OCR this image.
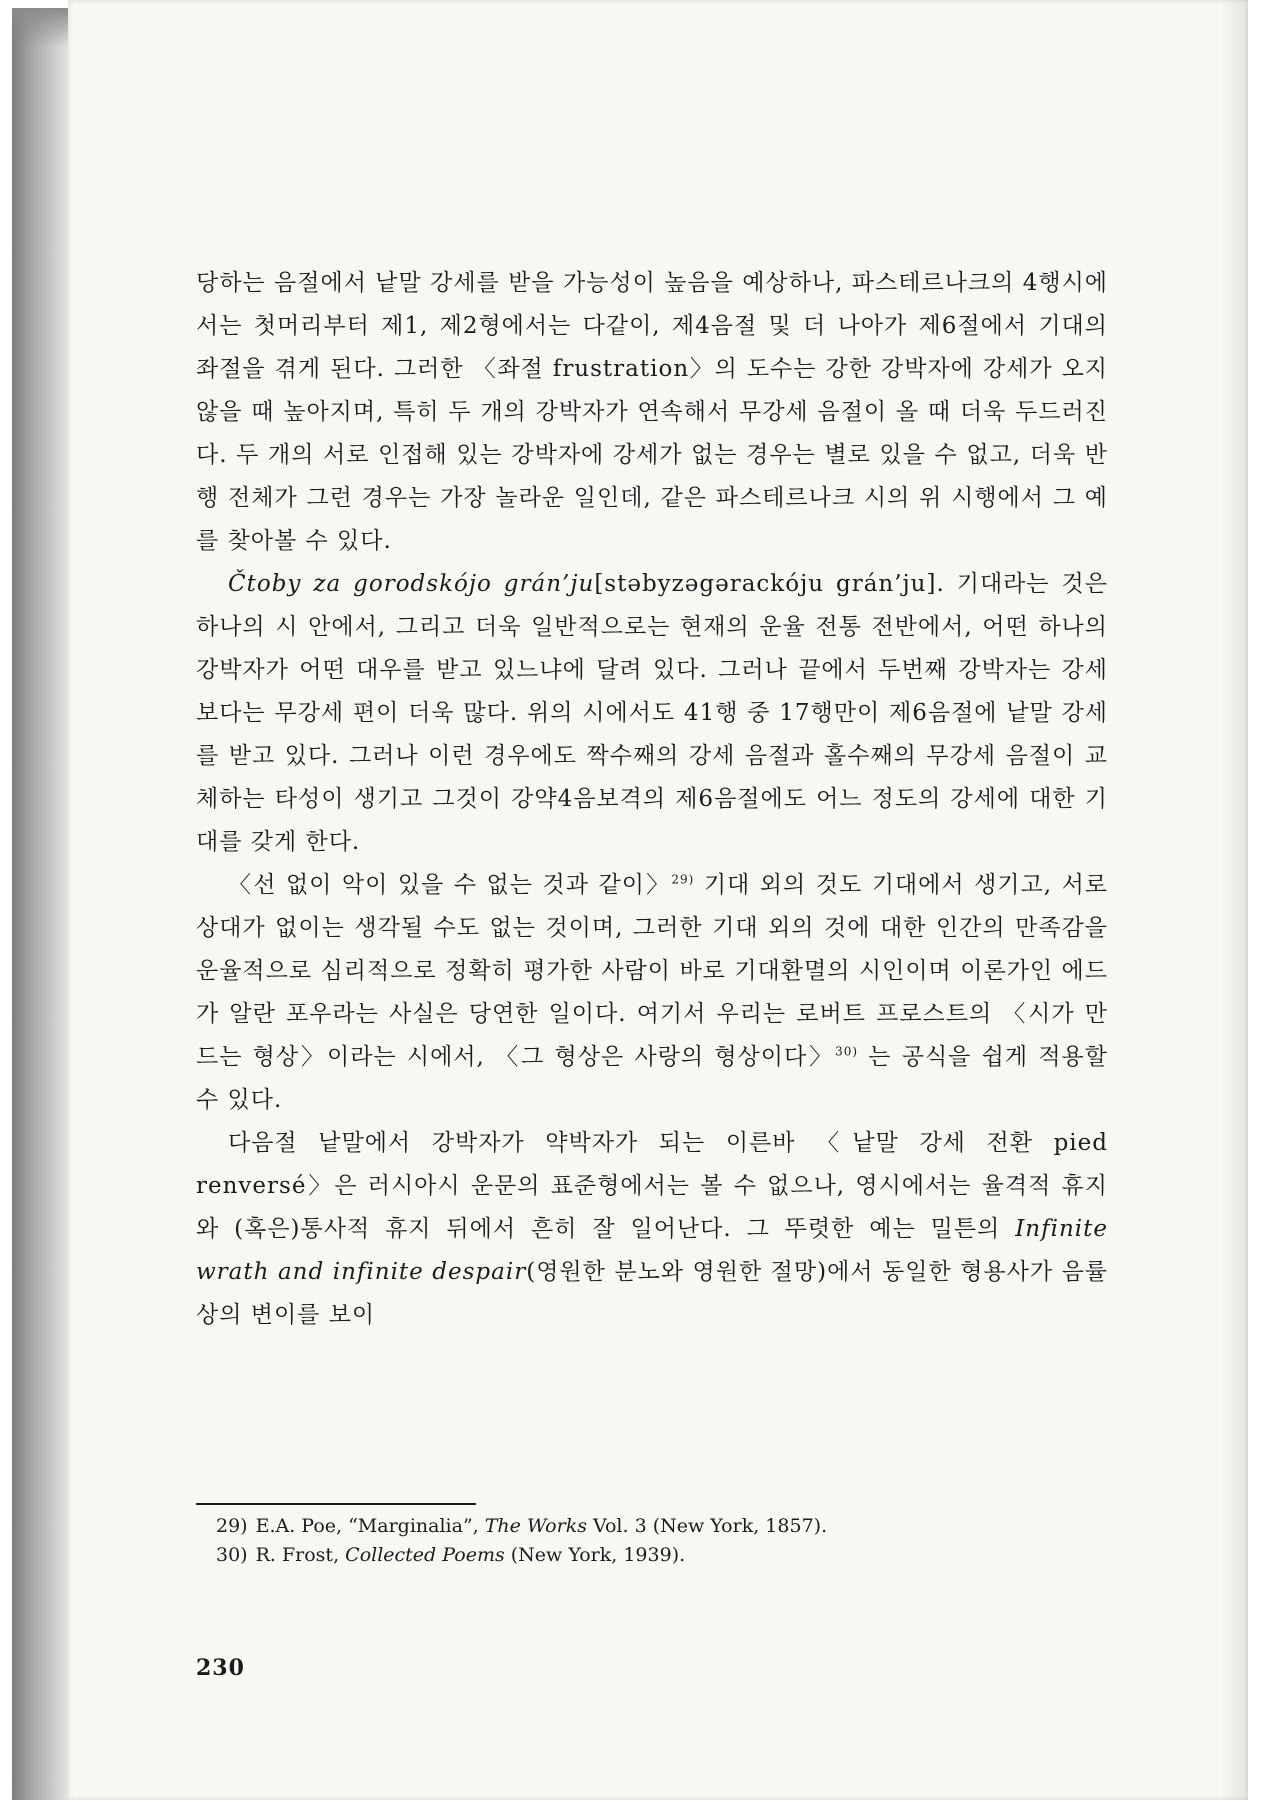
당하는 음절에서 낱말 강세를 받을 가능성이 높음을 예상하나, 파스테르나크의 4행시에서는 첫머리부터 제1, 제2형에서는 다같이, 제4음절 및 더 나아가 제6절에서 기대의 좌절을 겪게 된다. 그러한 〈좌절 frustration〉의 도수는 강한 강박자에 강세가 오지 않을 때 높아지며, 특히 두 개의 강박자가 연속해서 무강세 음절이 올 때 더욱 두드러진다. 두 개의 서로 인접해 있는 강박자에 강세가 없는 경우는 별로 있을 수 없고, 더욱 반행 전체가 그런 경우는 가장 놀라운 일인데, 같은 파스테르나크 시의 위 시행에서 그 예를 찾아볼 수 있다.

Čtoby za gorodskójo grán’ju[stəbyzəgərackóju grán’ju]. 기대라는 것은 하나의 시 안에서, 그리고 더욱 일반적으로는 현재의 운율 전통 전반에서, 어떤 하나의 강박자가 어떤 대우를 받고 있느냐에 달려 있다. 그러나 끝에서 두번째 강박자는 강세보다는 무강세 편이 더욱 많다. 위의 시에서도 41행 중 17행만이 제6음절에 낱말 강세를 받고 있다. 그러나 이런 경우에도 짝수째의 강세 음절과 홀수째의 무강세 음절이 교체하는 타성이 생기고 그것이 강약4음보격의 제6음절에도 어느 정도의 강세에 대한 기대를 갖게 한다.

〈선 없이 악이 있을 수 없는 것과 같이〉$^{29)}$ 기대 외의 것도 기대에서 생기고, 서로 상대가 없이는 생각될 수도 없는 것이며, 그러한 기대 외의 것에 대한 인간의 만족감을 운율적으로 심리적으로 정확히 평가한 사람이 바로 기대환멸의 시인이며 이론가인 에드가 알란 포우라는 사실은 당연한 일이다. 여기서 우리는 로버트 프로스트의 〈시가 만드는 형상〉이라는 시에서, 〈그 형상은 사랑의 형상이다〉$^{30)}$ 는 공식을 쉽게 적용할 수 있다.

다음절 낱말에서 강박자가 약박자가 되는 이른바 〈낱말 강세 전환 pied renversé〉은 러시아시 운문의 표준형에서는 볼 수 없으나, 영시에서는 율격적 휴지와 (혹은)통사적 휴지 뒤에서 흔히 잘 일어난다. 그 뚜렷한 예는 밀튼의 Infinite wrath and infinite despair(영원한 분노와 영원한 절망)에서 동일한 형용사가 음률상의 변이를 보이

29) E.A. Poe, “Marginalia”, The Works Vol. 3 (New York, 1857).

30) R. Frost, Collected Poems (New York, 1939).

230
